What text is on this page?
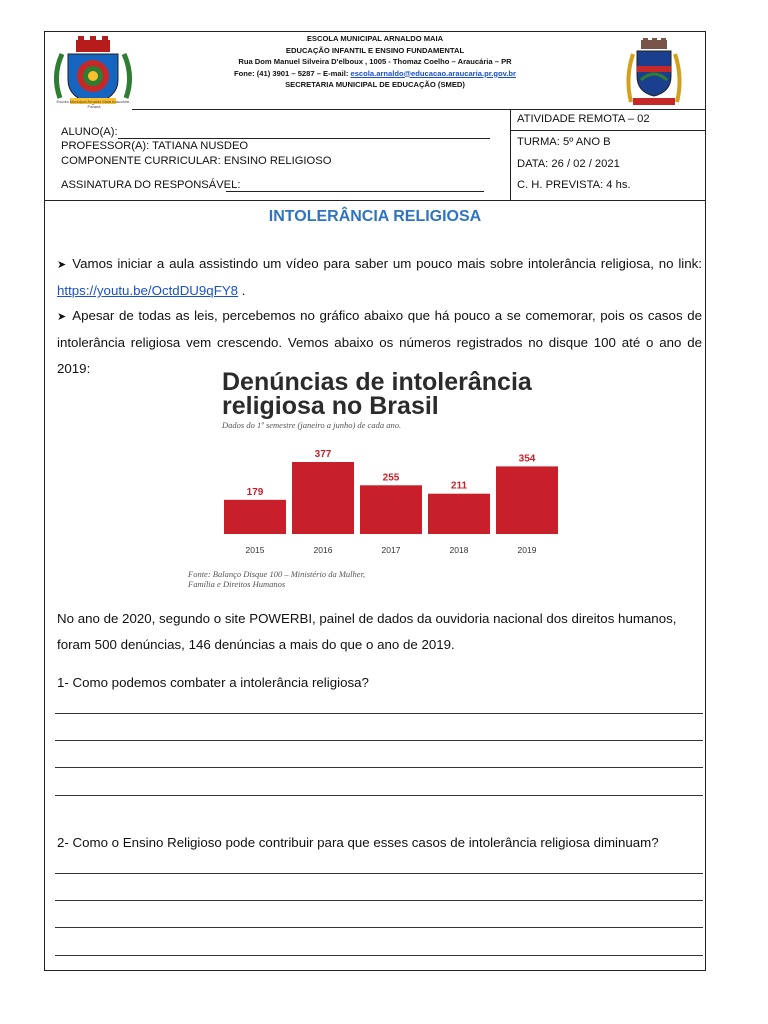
Escola Municipal Arnaldo Maia Araucária - Paraná
ESCOLA MUNICIPAL ARNALDO MAIA
EDUCAÇÃO INFANTIL E ENSINO FUNDAMENTAL
Rua Dom Manuel Silveira D'elboux , 1005 - Thomaz Coelho – Araucária – PR
Fone: (41) 3901 – 5287 – E-mail: escola.arnaldo@educacao.araucaria.pr.gov.br
SECRETARIA MUNICIPAL DE EDUCAÇÃO (SMED)
ALUNO(A):
PROFESSOR(A): TATIANA NUSDEO
COMPONENTE CURRICULAR: ENSINO RELIGIOSO
ASSINATURA DO RESPONSÁVEL:
ATIVIDADE REMOTA – 02
TURMA: 5º ANO B
DATA: 26 / 02 / 2021
C. H. PREVISTA: 4 hs.
INTOLERÂNCIA RELIGIOSA
➤ Vamos iniciar a aula assistindo um vídeo para saber um pouco mais sobre intolerância religiosa, no link: https://youtu.be/OctdDU9qFY8 .
➤ Apesar de todas as leis, percebemos no gráfico abaixo que há pouco a se comemorar, pois os casos de intolerância religiosa vem crescendo. Vemos abaixo os números registrados no disque 100 até o ano de 2019:	Denúncias de intolerância
religiosa no Brasil
Dados do 1º semestre (janeiro a junho) de cada ano.
179
2015
377
2016
255
2017
211
2018
354
2019
Fonte: Balanço Disque 100 – Ministério da Mulher,
Família e Direitos Humanos
No ano de 2020, segundo o site POWERBI, painel de dados da ouvidoria nacional dos direitos humanos, foram 500 denúncias, 146 denúncias a mais do que o ano de 2019.
1- Como podemos combater a intolerância religiosa?
2- Como o Ensino Religioso pode contribuir para que esses casos de intolerância religiosa diminuam?
